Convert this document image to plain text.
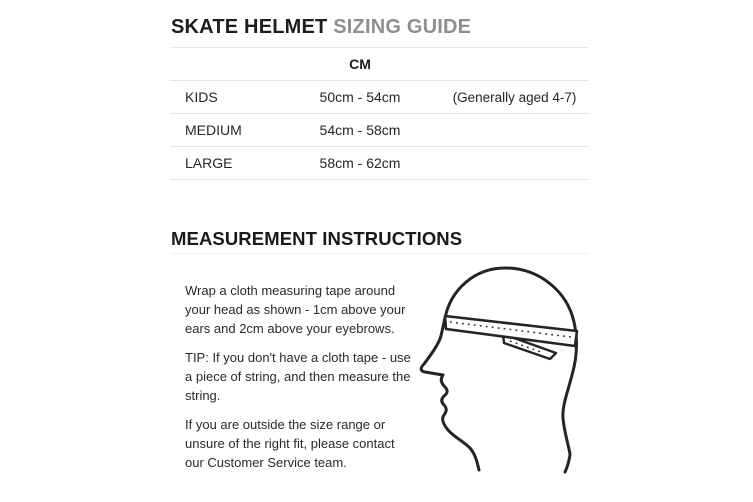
SKATE HELMET SIZING GUIDE
CM
KIDS	50cm - 54cm	(Generally aged 4-7)
MEDIUM	54cm - 58cm
LARGE	58cm - 62cm
MEASUREMENT INSTRUCTIONS

Wrap a cloth measuring tape around your head as shown - 1cm above your ears and 2cm above your eyebrows.

TIP: If you don't have a cloth tape - use a piece of string, and then measure the string.

If you are outside the size range or unsure of the right fit, please contact our Customer Service team.
